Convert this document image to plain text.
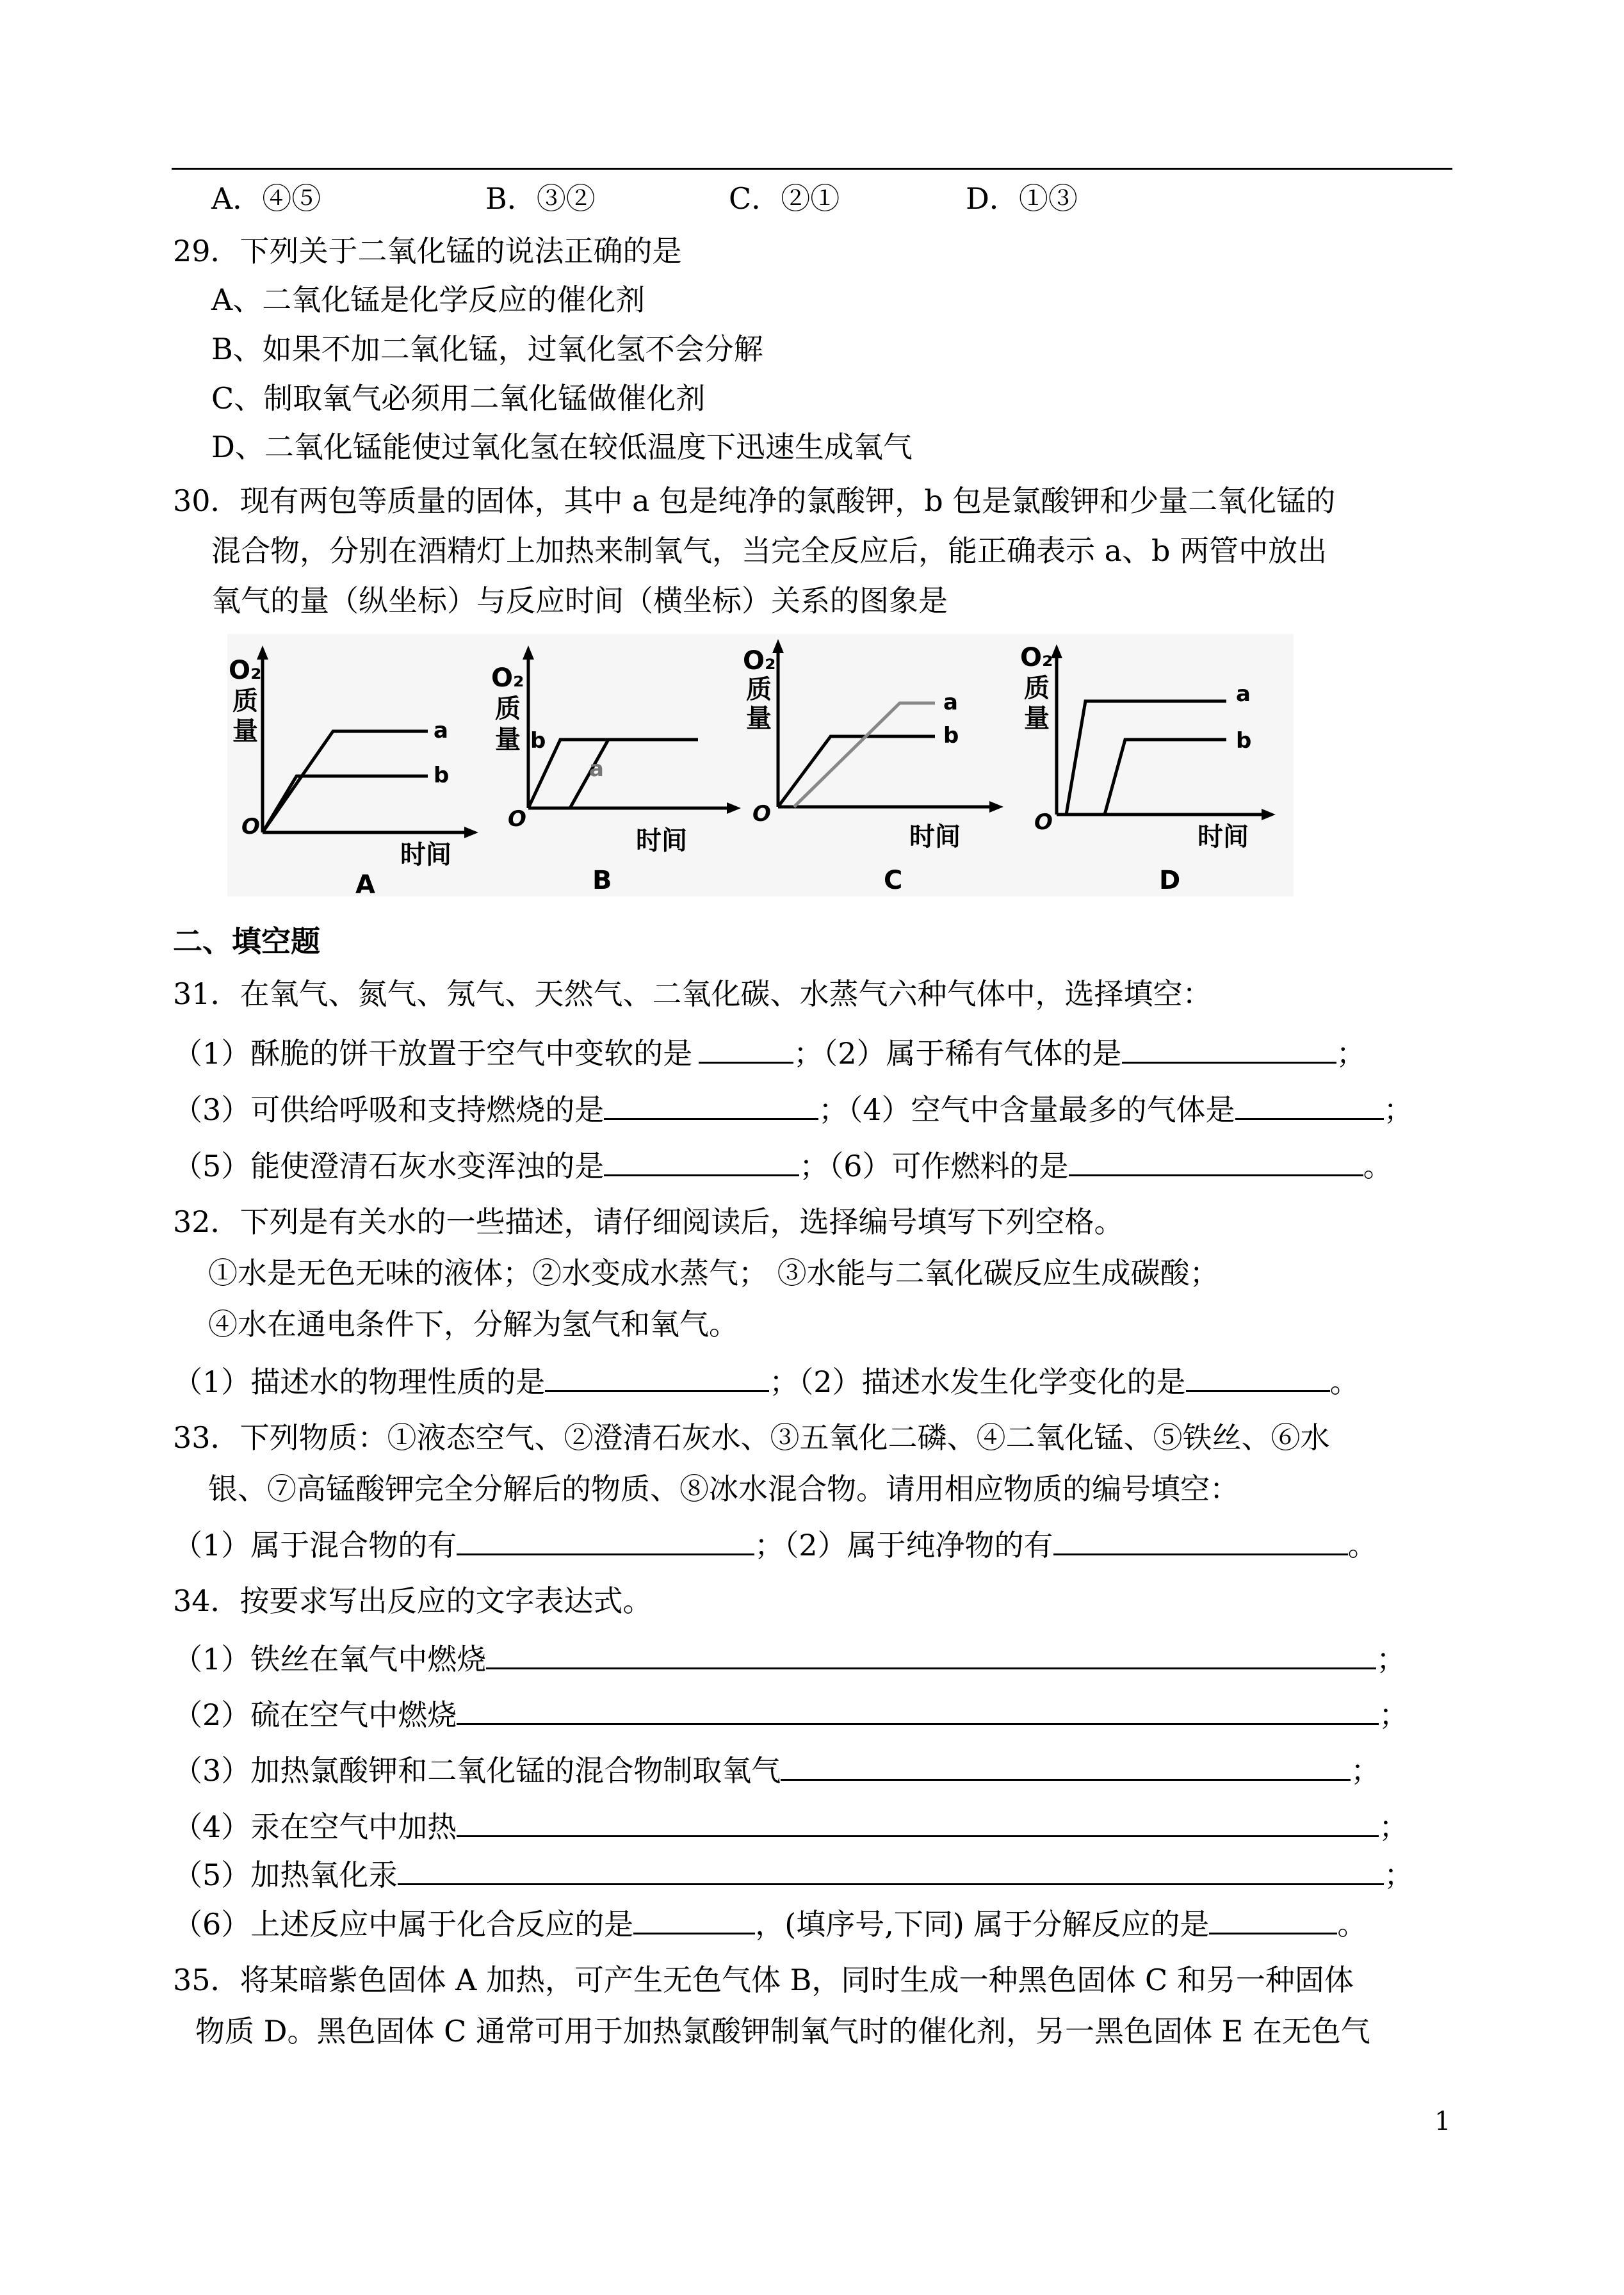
A．④⑤	B．③②	C．②①	D．①③
29．下列关于二氧化锰的说法正确的是
A、二氧化锰是化学反应的催化剂
B、如果不加二氧化锰，过氧化氢不会分解
C、制取氧气必须用二氧化锰做催化剂
D、二氧化锰能使过氧化氢在较低温度下迅速生成氧气
30．现有两包等质量的固体，其中 a 包是纯净的氯酸钾，b 包是氯酸钾和少量二氧化锰的
混合物，分别在酒精灯上加热来制氧气，当完全反应后，能正确表示 a、b 两管中放出
氧气的量（纵坐标）与反应时间（横坐标）关系的图象是
O₂
质
量
O
a
b
时间
A
O₂
质
量
O
b
a
时间
B
O₂
质
量
O
a
b
时间
C
O₂
质
量
O
a
b
时间
D
二、填空题
31．在氧气、氮气、氖气、天然气、二氧化碳、水蒸气六种气体中，选择填空：
（1）酥脆的饼干放置于空气中变软的是	；（2）属于稀有气体的是	；
（3）可供给呼吸和支持燃烧的是	；（4）空气中含量最多的气体是	；
（5）能使澄清石灰水变浑浊的是	；（6）可作燃料的是	。
32．下列是有关水的一些描述，请仔细阅读后，选择编号填写下列空格。
①水是无色无味的液体；②水变成水蒸气； ③水能与二氧化碳反应生成碳酸；
④水在通电条件下，分解为氢气和氧气。
（1）描述水的物理性质的是	；（2）描述水发生化学变化的是	。
33．下列物质：①液态空气、②澄清石灰水、③五氧化二磷、④二氧化锰、⑤铁丝、⑥水
银、⑦高锰酸钾完全分解后的物质、⑧冰水混合物。请用相应物质的编号填空：
（1）属于混合物的有	；（2）属于纯净物的有	。
34．按要求写出反应的文字表达式。
（1）铁丝在氧气中燃烧	；
（2）硫在空气中燃烧	；
（3）加热氯酸钾和二氧化锰的混合物制取氧气	；
（4）汞在空气中加热	；
（5）加热氧化汞	；
（6）上述反应中属于化合反应的是	，(填序号,下同) 属于分解反应的是	。
35．将某暗紫色固体 A 加热，可产生无色气体 B，同时生成一种黑色固体 C 和另一种固体
物质 D。黑色固体 C 通常可用于加热氯酸钾制氧气时的催化剂，另一黑色固体 E 在无色气
1
